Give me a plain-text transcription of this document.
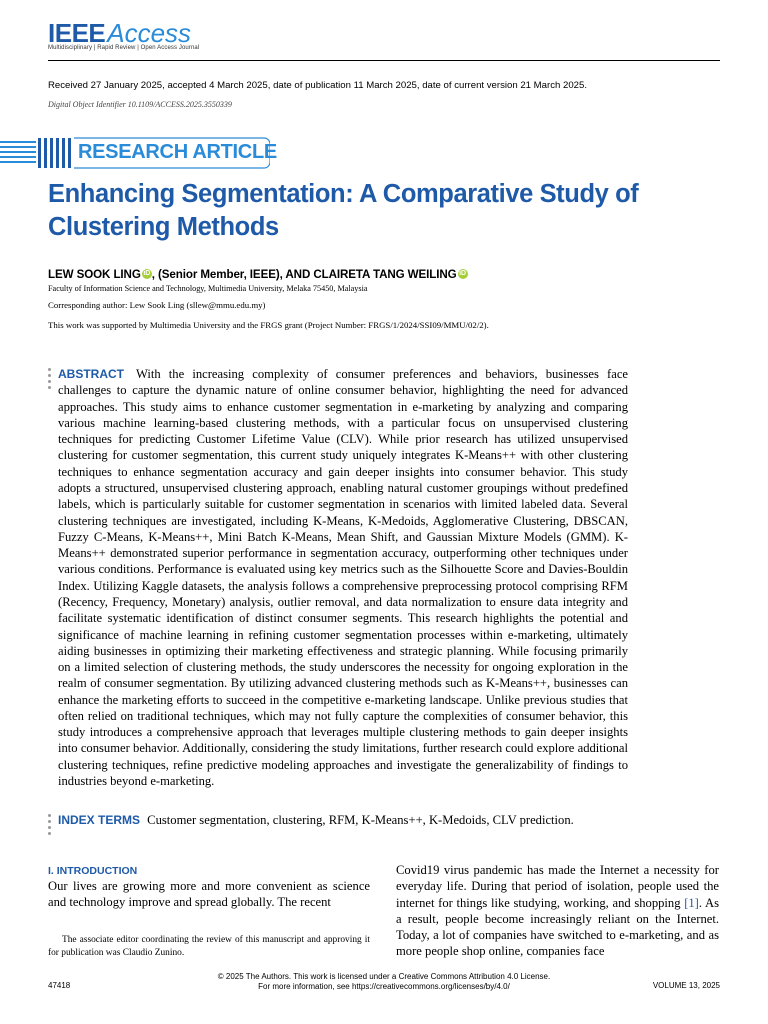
IEEEAccess
Multidisciplinary | Rapid Review | Open Access Journal
Received 27 January 2025, accepted 4 March 2025, date of publication 11 March 2025, date of current version 21 March 2025.
Digital Object Identifier 10.1109/ACCESS.2025.3550339
RESEARCH ARTICLE
Enhancing Segmentation: A Comparative Study of Clustering Methods
LEW SOOK LING iD , (Senior Member, IEEE), AND CLAIRETA TANG WEILING iD
Faculty of Information Science and Technology, Multimedia University, Melaka 75450, Malaysia
Corresponding author: Lew Sook Ling (sllew@mmu.edu.my)
This work was supported by Multimedia University and the FRGS grant (Project Number: FRGS/1/2024/SSI09/MMU/02/2).
ABSTRACT With the increasing complexity of consumer preferences and behaviors, businesses face challenges to capture the dynamic nature of online consumer behavior, highlighting the need for advanced approaches. This study aims to enhance customer segmentation in e-marketing by analyzing and comparing various machine learning-based clustering methods, with a particular focus on unsupervised clustering techniques for predicting Customer Lifetime Value (CLV). While prior research has utilized unsupervised clustering for customer segmentation, this current study uniquely integrates K-Means++ with other clustering techniques to enhance segmentation accuracy and gain deeper insights into consumer behavior. This study adopts a structured, unsupervised clustering approach, enabling natural customer groupings without predefined labels, which is particularly suitable for customer segmentation in scenarios with limited labeled data. Several clustering techniques are investigated, including K-Means, K-Medoids, Agglomerative Clustering, DBSCAN, Fuzzy C-Means, K-Means++, Mini Batch K-Means, Mean Shift, and Gaussian Mixture Models (GMM). K-Means++ demonstrated superior performance in segmentation accuracy, outperforming other techniques under various conditions. Performance is evaluated using key metrics such as the Silhouette Score and Davies-Bouldin Index. Utilizing Kaggle datasets, the analysis follows a comprehensive preprocessing protocol comprising RFM (Recency, Frequency, Monetary) analysis, outlier removal, and data normalization to ensure data integrity and facilitate systematic identification of distinct consumer segments. This research highlights the potential and significance of machine learning in refining customer segmentation processes within e-marketing, ultimately aiding businesses in optimizing their marketing effectiveness and strategic planning. While focusing primarily on a limited selection of clustering methods, the study underscores the necessity for ongoing exploration in the realm of consumer segmentation. By utilizing advanced clustering methods such as K-Means++, businesses can enhance the marketing efforts to succeed in the competitive e-marketing landscape. Unlike previous studies that often relied on traditional techniques, which may not fully capture the complexities of consumer behavior, this study introduces a comprehensive approach that leverages multiple clustering methods to gain deeper insights into consumer behavior. Additionally, considering the study limitations, further research could explore additional clustering techniques, refine predictive modeling approaches and investigate the generalizability of findings to industries beyond e-marketing.
INDEX TERMS Customer segmentation, clustering, RFM, K-Means++, K-Medoids, CLV prediction.
I. INTRODUCTION
Our lives are growing more and more convenient as science and technology improve and spread globally. The recent
The associate editor coordinating the review of this manuscript and approving it for publication was Claudio Zunino.
Covid19 virus pandemic has made the Internet a necessity for everyday life. During that period of isolation, people used the internet for things like studying, working, and shopping [1]. As a result, people become increasingly reliant on the Internet. Today, a lot of companies have switched to e-marketing, and as more people shop online, companies face
© 2025 The Authors. This work is licensed under a Creative Commons Attribution 4.0 License.
For more information, see https://creativecommons.org/licenses/by/4.0/
47418	VOLUME 13, 2025
